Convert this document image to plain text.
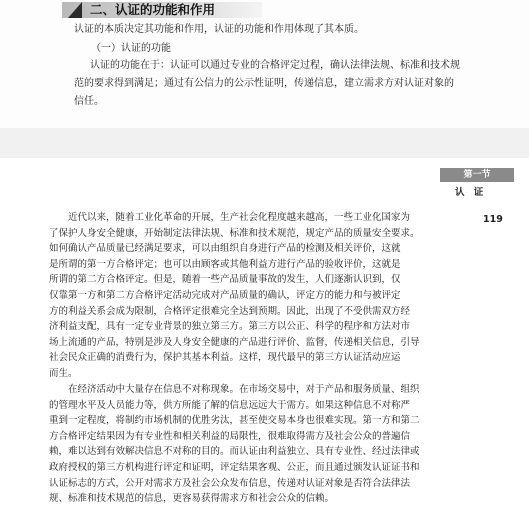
二、认证的功能和作用
认证的本质决定其功能和作用，认证的功能和作用体现了其本质。
（一）认证的功能

认证的功能在于：认证可以通过专业的合格评定过程，确认法律法规、标准和技术规
范的要求得到满足；通过有公信力的公示性证明，传递信息，建立需求方对认证对象的
信任。

第一节
认 证
119

近代以来，随着工业化革命的开展，生产社会化程度越来越高，一些工业化国家为
了保护人身安全健康，开始制定法律法规、标准和技术规范，规定产品的质量安全要求。
如何确认产品质量已经满足要求，可以由组织自身进行产品的检测及相关评价，这就
是所谓的第一方合格评定；也可以由顾客或其他利益方进行产品的验收评价，这就是
所谓的第二方合格评定。但是，随着一些产品质量事故的发生，人们逐渐认识到，仅
仅靠第一方和第二方合格评定活动完成对产品质量的确认，评定方的能力和与被评定
方的利益关系会成为限制，合格评定很难完全达到预期。因此，出现了不受供需双方经
济利益支配，具有一定专业背景的独立第三方。第三方以公正、科学的程序和方法对市
场上流通的产品，特别是涉及人身安全健康的产品进行评价、监督，传递相关信息，引导
社会民众正确的消费行为，保护其基本利益。这样，现代最早的第三方认证活动应运
而生。

在经济活动中大量存在信息不对称现象。在市场交易中，对于产品和服务质量、组织
的管理水平及人员能力等，供方所能了解的信息远远大于需方。如果这种信息不对称严
重到一定程度，将制约市场机制的优胜劣汰，甚至使交易本身也很难实现。第一方和第二
方合格评定结果因为有专业性和相关利益的局限性，很难取得需方及社会公众的普遍信
赖，难以达到有效解决信息不对称的目的。而认证由利益独立、具有专业性、经过法律或
政府授权的第三方机构进行评定和证明，评定结果客观、公正，而且通过颁发认证证书和
认证标志的方式，公开对需求方及社会公众发布信息，传递对认证对象是否符合法律法
规、标准和技术规范的信息，更容易获得需求方和社会公众的信赖。
